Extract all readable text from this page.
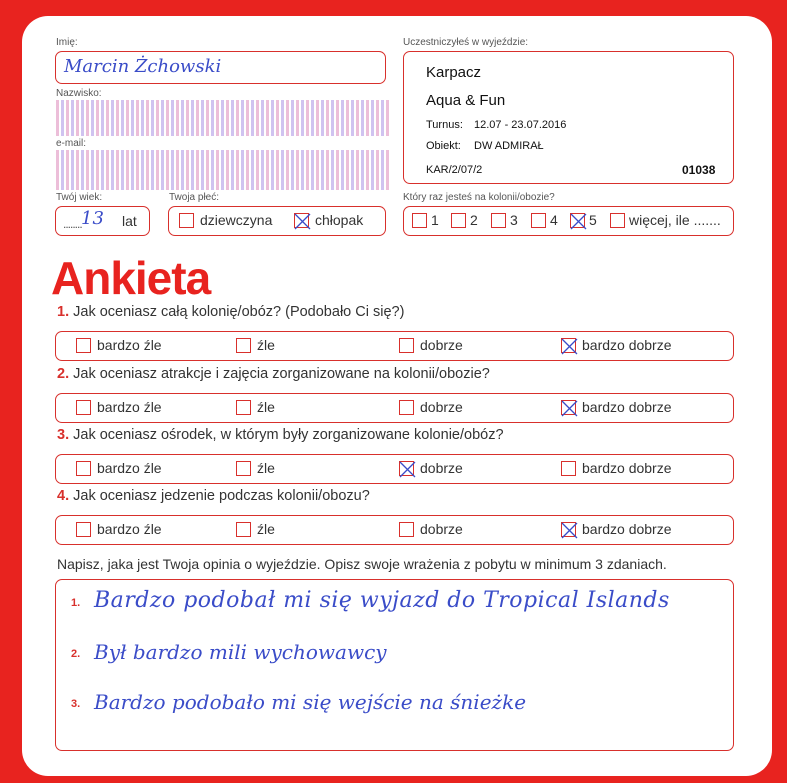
Imię:
Marcin Żchowski
Nazwisko:
e-mail:
Uczestniczyłeś w wyjeździe:
Karpacz
Aqua & Fun
Turnus: 12.07 - 23.07.2016
Obiekt: DW ADMIRAŁ
KAR/2/07/2	01038
Twój wiek:
........ 13 lat
Twoja płeć:
dziewczyna	chłopak
Który raz jesteś na kolonii/obozie?
1 2 3 4 5 więcej, ile .......
Ankieta
1. Jak oceniasz całą kolonię/obóz? (Podobało Ci się?)
bardzo źle	źle	dobrze	bardzo dobrze
2. Jak oceniasz atrakcje i zajęcia zorganizowane na kolonii/obozie?
bardzo źle	źle	dobrze	bardzo dobrze
3. Jak oceniasz ośrodek, w którym były zorganizowane kolonie/obóz?
bardzo źle	źle	dobrze	bardzo dobrze
4. Jak oceniasz jedzenie podczas kolonii/obozu?
bardzo źle	źle	dobrze	bardzo dobrze
Napisz, jaka jest Twoja opinia o wyjeździe. Opisz swoje wrażenia z pobytu w minimum 3 zdaniach.
1. Bardzo podobał mi się wyjazd do Tropical Islands
2. Był bardzo mili wychowawcy
3. Bardzo podobało mi się wejście na śnieżke
